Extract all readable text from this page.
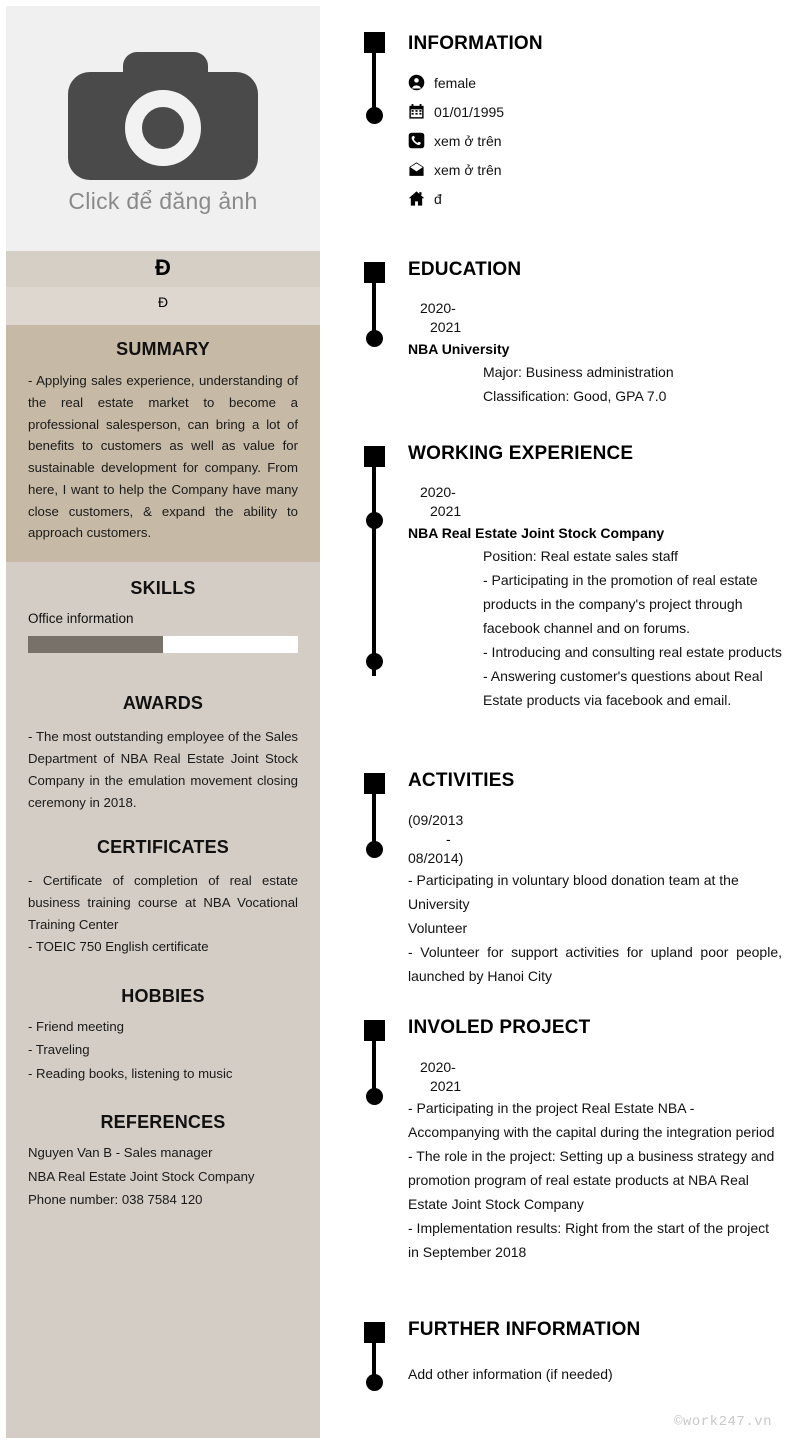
Click để đăng ảnh
Đ
Đ
SUMMARY
- Applying sales experience, understanding of the real estate market to become a professional salesperson, can bring a lot of benefits to customers as well as value for sustainable development for company. From here, I want to help the Company have many close customers, & expand the ability to approach customers.
SKILLS
Office information
AWARDS
- The most outstanding employee of the Sales Department of NBA Real Estate Joint Stock Company in the emulation movement closing ceremony in 2018.
CERTIFICATES
- Certificate of completion of real estate business training course at NBA Vocational Training Center
- TOEIC 750 English certificate
HOBBIES
- Friend meeting
- Traveling
- Reading books, listening to music
REFERENCES
Nguyen Van B - Sales manager
NBA Real Estate Joint Stock Company
Phone number: 038 7584 120
INFORMATION
female
01/01/1995
xem ở trên
xem ở trên
đ
EDUCATION
2020-
2021
NBA University
Major: Business administration
Classification: Good, GPA 7.0
WORKING EXPERIENCE
2020-
2021
NBA Real Estate Joint Stock Company
Position: Real estate sales staff
- Participating in the promotion of real estate products in the company's project through facebook channel and on forums.
- Introducing and consulting real estate products
- Answering customer's questions about Real Estate products via facebook and email.
ACTIVITIES
(09/2013
-
08/2014)
- Participating in voluntary blood donation team at the University
Volunteer
- Volunteer for support activities for upland poor people, launched by Hanoi City
INVOLED PROJECT
2020-
2021
- Participating in the project Real Estate NBA - Accompanying with the capital during the integration period
- The role in the project: Setting up a business strategy and promotion program of real estate products at NBA Real Estate Joint Stock Company
- Implementation results: Right from the start of the project in September 2018
FURTHER INFORMATION
Add other information (if needed)
©work247.vn
